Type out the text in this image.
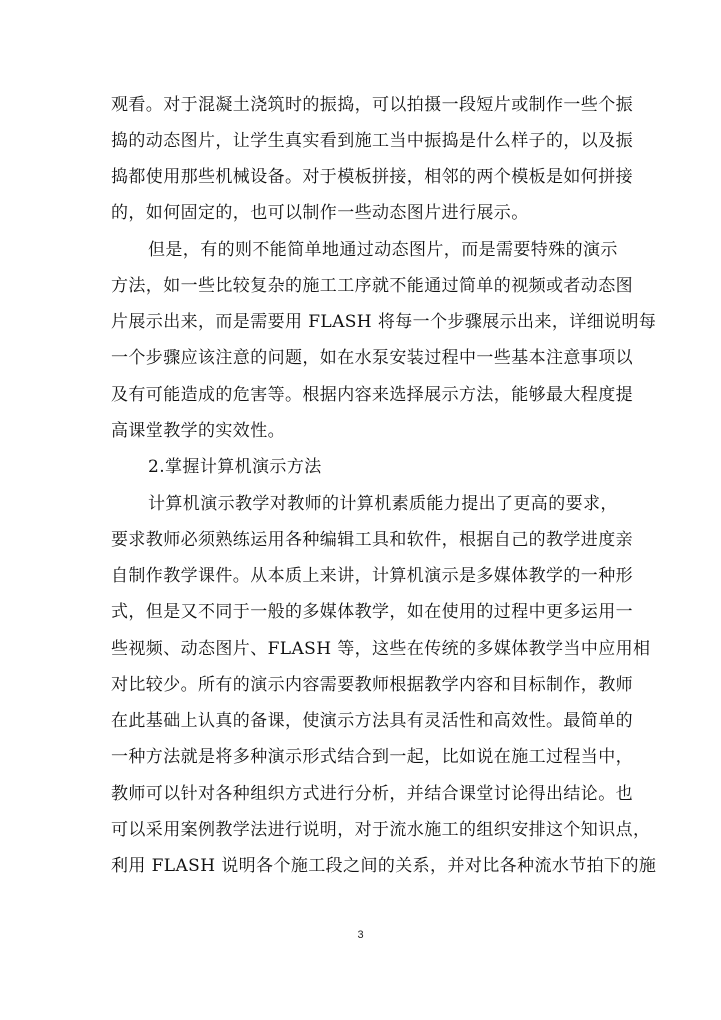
观看。对于混凝土浇筑时的振捣，可以拍摄一段短片或制作一些个振

捣的动态图片，让学生真实看到施工当中振捣是什么样子的，以及振

捣都使用那些机械设备。对于模板拼接，相邻的两个模板是如何拼接

的，如何固定的，也可以制作一些动态图片进行展示。

但是，有的则不能简单地通过动态图片，而是需要特殊的演示

方法，如一些比较复杂的施工工序就不能通过简单的视频或者动态图

片展示出来，而是需要用 FLASH 将每一个步骤展示出来，详细说明每

一个步骤应该注意的问题，如在水泵安装过程中一些基本注意事项以

及有可能造成的危害等。根据内容来选择展示方法，能够最大程度提

高课堂教学的实效性。

2.掌握计算机演示方法

计算机演示教学对教师的计算机素质能力提出了更高的要求，

要求教师必须熟练运用各种编辑工具和软件，根据自己的教学进度亲

自制作教学课件。从本质上来讲，计算机演示是多媒体教学的一种形

式，但是又不同于一般的多媒体教学，如在使用的过程中更多运用一

些视频、动态图片、FLASH 等，这些在传统的多媒体教学当中应用相

对比较少。所有的演示内容需要教师根据教学内容和目标制作，教师

在此基础上认真的备课，使演示方法具有灵活性和高效性。最简单的

一种方法就是将多种演示形式结合到一起，比如说在施工过程当中，

教师可以针对各种组织方式进行分析，并结合课堂讨论得出结论。也

可以采用案例教学法进行说明，对于流水施工的组织安排这个知识点，

利用 FLASH 说明各个施工段之间的关系，并对比各种流水节拍下的施

3
